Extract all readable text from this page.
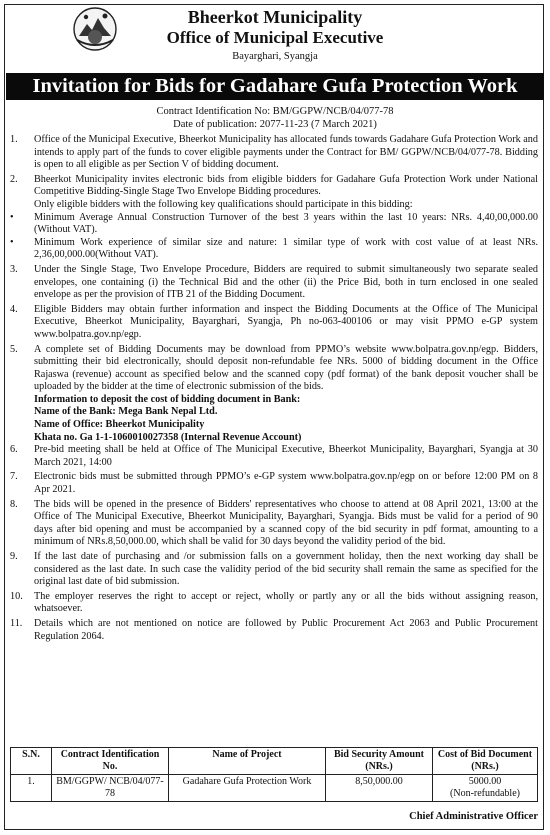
Bheerkot Municipality
Office of Municipal Executive
Bayarghari, Syangja
Invitation for Bids for Gadahare Gufa Protection Work
Contract Identification No: BM/GGPW/NCB/04/077-78
Date of publication: 2077-11-23 (7 March 2021)
1.	Office of the Municipal Executive, Bheerkot Municipality has allocated funds towards Gadahare Gufa Protection Work and intends to apply part of the funds to cover eligible payments under the Contract for BM/ GGPW/NCB/04/077-78. Bidding is open to all eligible as per Section V of bidding document.
2.	Bheerkot Municipality invites electronic bids from eligible bidders for Gadahare Gufa Protection Work under National Competitive Bidding-Single Stage Two Envelope Bidding procedures.
Only eligible bidders with the following key qualifications should participate in this bidding:
•	Minimum Average Annual Construction Turnover of the best 3 years within the last 10 years: NRs. 4,40,00,000.00 (Without VAT).
•	Minimum Work experience of similar size and nature: 1 similar type of work with cost value of at least NRs. 2,36,00,000.00(Without VAT).
3.	Under the Single Stage, Two Envelope Procedure, Bidders are required to submit simultaneously two separate sealed envelopes, one containing (i) the Technical Bid and the other (ii) the Price Bid, both in turn enclosed in one sealed envelope as per the provision of ITB 21 of the Bidding Document.
4.	Eligible Bidders may obtain further information and inspect the Bidding Documents at the Office of The Municipal Executive, Bheerkot Municipality, Bayarghari, Syangja, Ph no-063-400106 or may visit PPMO e-GP system www.bolpatra.gov.np/egp.
5.	A complete set of Bidding Documents may be download from PPMO’s website www.bolpatra.gov.np/egp. Bidders, submitting their bid electronically, should deposit non-refundable fee NRs. 5000 of bidding document in the Office Rajaswa (revenue) account as specified below and the scanned copy (pdf format) of the bank deposit voucher shall be uploaded by the bidder at the time of electronic submission of the bids.
Information to deposit the cost of bidding document in Bank:
Name of the Bank: Mega Bank Nepal Ltd.
Name of Office: Bheerkot Municipality
Khata no. Ga 1-1-1060010027358 (Internal Revenue Account)
6.	Pre-bid meeting shall be held at Office of The Municipal Executive, Bheerkot Municipality, Bayarghari, Syangja at 30 March 2021, 14:00
7.	Electronic bids must be submitted through PPMO’s e-GP system www.bolpatra.gov.np/egp on or before 12:00 PM on 8 Apr 2021.
8.	The bids will be opened in the presence of Bidders' representatives who choose to attend at 08 April 2021, 13:00 at the Office of The Municipal Executive, Bheerkot Municipality, Bayarghari, Syangja. Bids must be valid for a period of 90 days after bid opening and must be accompanied by a scanned copy of the bid security in pdf format, amounting to a minimum of NRs.8,50,000.00, which shall be valid for 30 days beyond the validity period of the bid.
9.	If the last date of purchasing and /or submission falls on a government holiday, then the next working day shall be considered as the last date. In such case the validity period of the bid security shall remain the same as specified for the original last date of bid submission.
10.	The employer reserves the right to accept or reject, wholly or partly any or all the bids without assigning reason, whatsoever.
11.	Details which are not mentioned on notice are followed by Public Procurement Act 2063 and Public Procurement Regulation 2064.
S.N.	Contract Identification No.	Name of Project	Bid Security Amount (NRs.)	Cost of Bid Document (NRs.)
1.	BM/GGPW/ NCB/04/077-78	Gadahare Gufa Protection Work	8,50,000.00	5000.00
(Non-refundable)
Chief Administrative Officer
